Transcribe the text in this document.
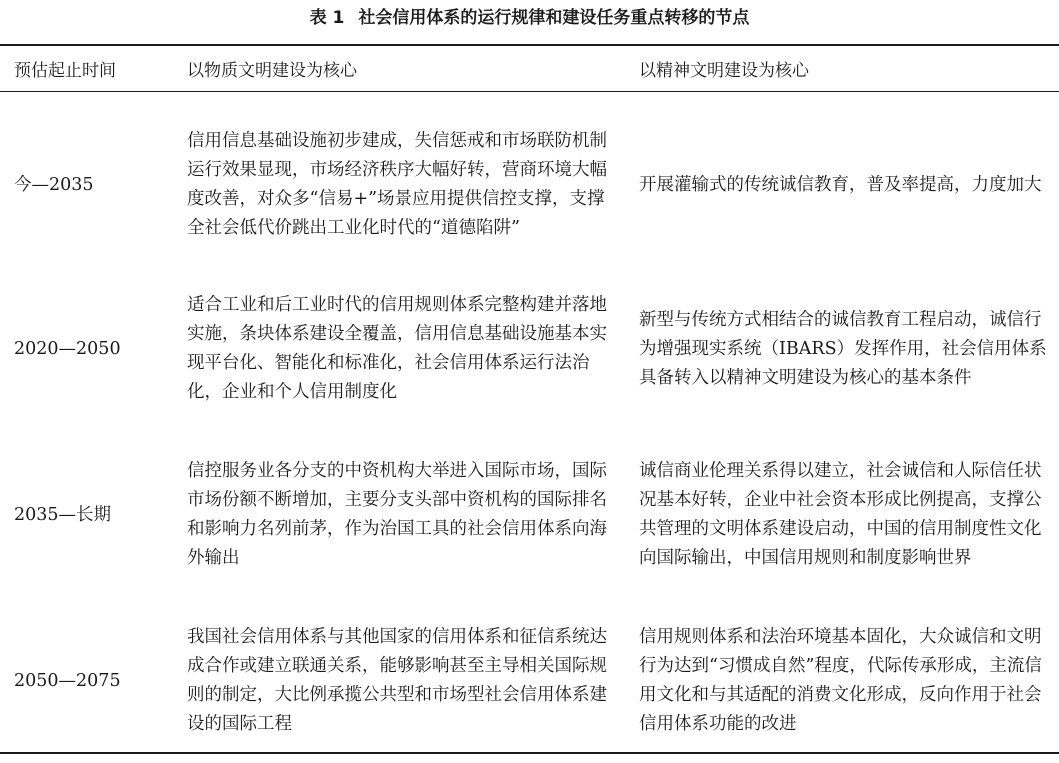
表 1 社会信用体系的运行规律和建设任务重点转移的节点
预估起止时间	以物质文明建设为核心	以精神文明建设为核心
今—2035	信用信息基础设施初步建成，失信惩戒和市场联防机制运行效果显现，市场经济秩序大幅好转，营商环境大幅度改善，对众多“信易+”场景应用提供信控支撑，支撑全社会低代价跳出工业化时代的“道德陷阱”	开展灌输式的传统诚信教育，普及率提高，力度加大
2020—2050	适合工业和后工业时代的信用规则体系完整构建并落地实施，条块体系建设全覆盖，信用信息基础设施基本实现平台化、智能化和标准化，社会信用体系运行法治化，企业和个人信用制度化	新型与传统方式相结合的诚信教育工程启动，诚信行为增强现实系统（IBARS）发挥作用，社会信用体系具备转入以精神文明建设为核心的基本条件
2035—长期	信控服务业各分支的中资机构大举进入国际市场，国际市场份额不断增加，主要分支头部中资机构的国际排名和影响力名列前茅，作为治国工具的社会信用体系向海外输出	诚信商业伦理关系得以建立，社会诚信和人际信任状况基本好转，企业中社会资本形成比例提高，支撑公共管理的文明体系建设启动，中国的信用制度性文化向国际输出，中国信用规则和制度影响世界
2050—2075	我国社会信用体系与其他国家的信用体系和征信系统达成合作或建立联通关系，能够影响甚至主导相关国际规则的制定，大比例承揽公共型和市场型社会信用体系建设的国际工程	信用规则体系和法治环境基本固化，大众诚信和文明行为达到“习惯成自然”程度，代际传承形成，主流信用文化和与其适配的消费文化形成，反向作用于社会信用体系功能的改进
